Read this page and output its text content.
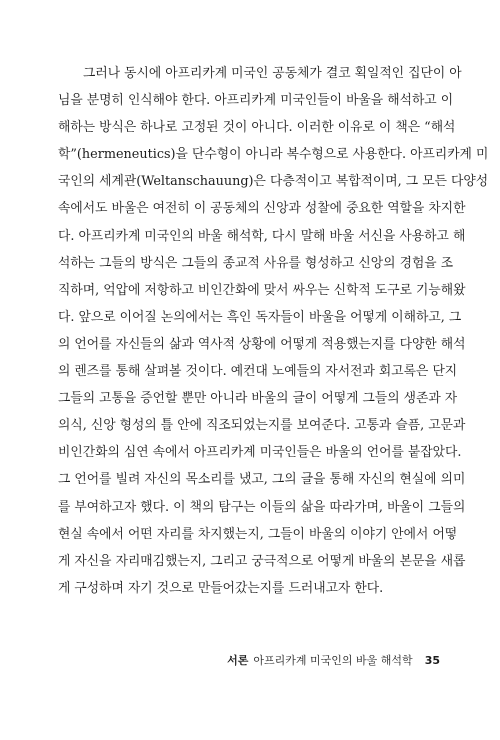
그러나 동시에 아프리카계 미국인 공동체가 결코 획일적인 집단이 아
님을 분명히 인식해야 한다. 아프리카계 미국인들이 바울을 해석하고 이
해하는 방식은 하나로 고정된 것이 아니다. 이러한 이유로 이 책은 “해석
학”(hermeneutics)을 단수형이 아니라 복수형으로 사용한다. 아프리카계 미
국인의 세계관(Weltanschauung)은 다층적이고 복합적이며, 그 모든 다양성
속에서도 바울은 여전히 이 공동체의 신앙과 성찰에 중요한 역할을 차지한
다. 아프리카계 미국인의 바울 해석학, 다시 말해 바울 서신을 사용하고 해
석하는 그들의 방식은 그들의 종교적 사유를 형성하고 신앙의 경험을 조
직하며, 억압에 저항하고 비인간화에 맞서 싸우는 신학적 도구로 기능해왔
다. 앞으로 이어질 논의에서는 흑인 독자들이 바울을 어떻게 이해하고, 그
의 언어를 자신들의 삶과 역사적 상황에 어떻게 적용했는지를 다양한 해석
의 렌즈를 통해 살펴볼 것이다. 예컨대 노예들의 자서전과 회고록은 단지
그들의 고통을 증언할 뿐만 아니라 바울의 글이 어떻게 그들의 생존과 자
의식, 신앙 형성의 틀 안에 직조되었는지를 보여준다. 고통과 슬픔, 고문과
비인간화의 심연 속에서 아프리카계 미국인들은 바울의 언어를 붙잡았다.
그 언어를 빌려 자신의 목소리를 냈고, 그의 글을 통해 자신의 현실에 의미
를 부여하고자 했다. 이 책의 탐구는 이들의 삶을 따라가며, 바울이 그들의
현실 속에서 어떤 자리를 차지했는지, 그들이 바울의 이야기 안에서 어떻
게 자신을 자리매김했는지, 그리고 궁극적으로 어떻게 바울의 본문을 새롭
게 구성하며 자기 것으로 만들어갔는지를 드러내고자 한다.
서론 아프리카계 미국인의 바울 해석학 35
